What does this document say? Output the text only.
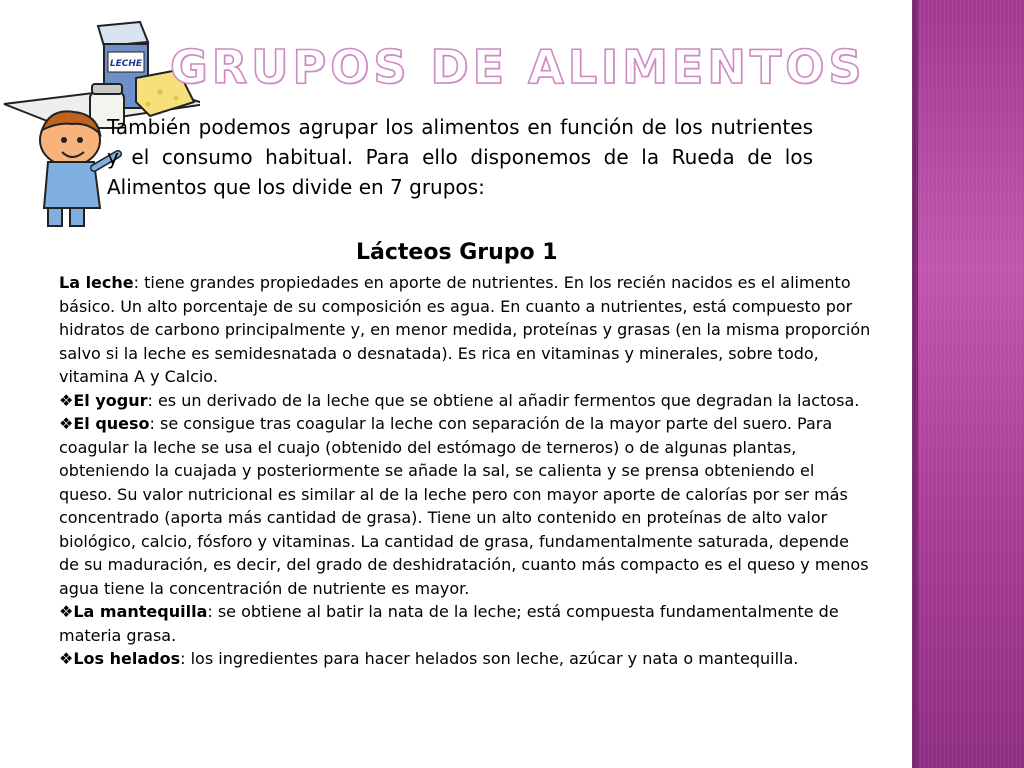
LECHE GRUPOS DE ALIMENTOS

También podemos agrupar los alimentos en función de los nutrientes y el consumo habitual. Para ello disponemos de la Rueda de los Alimentos que los divide en 7 grupos:

Lácteos Grupo 1

La leche: tiene grandes propiedades en aporte de nutrientes. En los recién nacidos es el alimento básico. Un alto porcentaje de su composición es agua. En cuanto a nutrientes, está compuesto por hidratos de carbono principalmente y, en menor medida, proteínas y grasas (en la misma proporción salvo si la leche es semidesnatada o desnatada). Es rica en vitaminas y minerales, sobre todo, vitamina A y Calcio.

❖El yogur: es un derivado de la leche que se obtiene al añadir fermentos que degradan la lactosa.

❖El queso: se consigue tras coagular la leche con separación de la mayor parte del suero. Para coagular la leche se usa el cuajo (obtenido del estómago de terneros) o de algunas plantas, obteniendo la cuajada y posteriormente se añade la sal, se calienta y se prensa obteniendo el queso. Su valor nutricional es similar al de la leche pero con mayor aporte de calorías por ser más concentrado (aporta más cantidad de grasa). Tiene un alto contenido en proteínas de alto valor biológico, calcio, fósforo y vitaminas. La cantidad de grasa, fundamentalmente saturada, depende de su maduración, es decir, del grado de deshidratación, cuanto más compacto es el queso y menos agua tiene la concentración de nutriente es mayor.

❖La mantequilla: se obtiene al batir la nata de la leche; está compuesta fundamentalmente de materia grasa.

❖Los helados: los ingredientes para hacer helados son leche, azúcar y nata o mantequilla.
